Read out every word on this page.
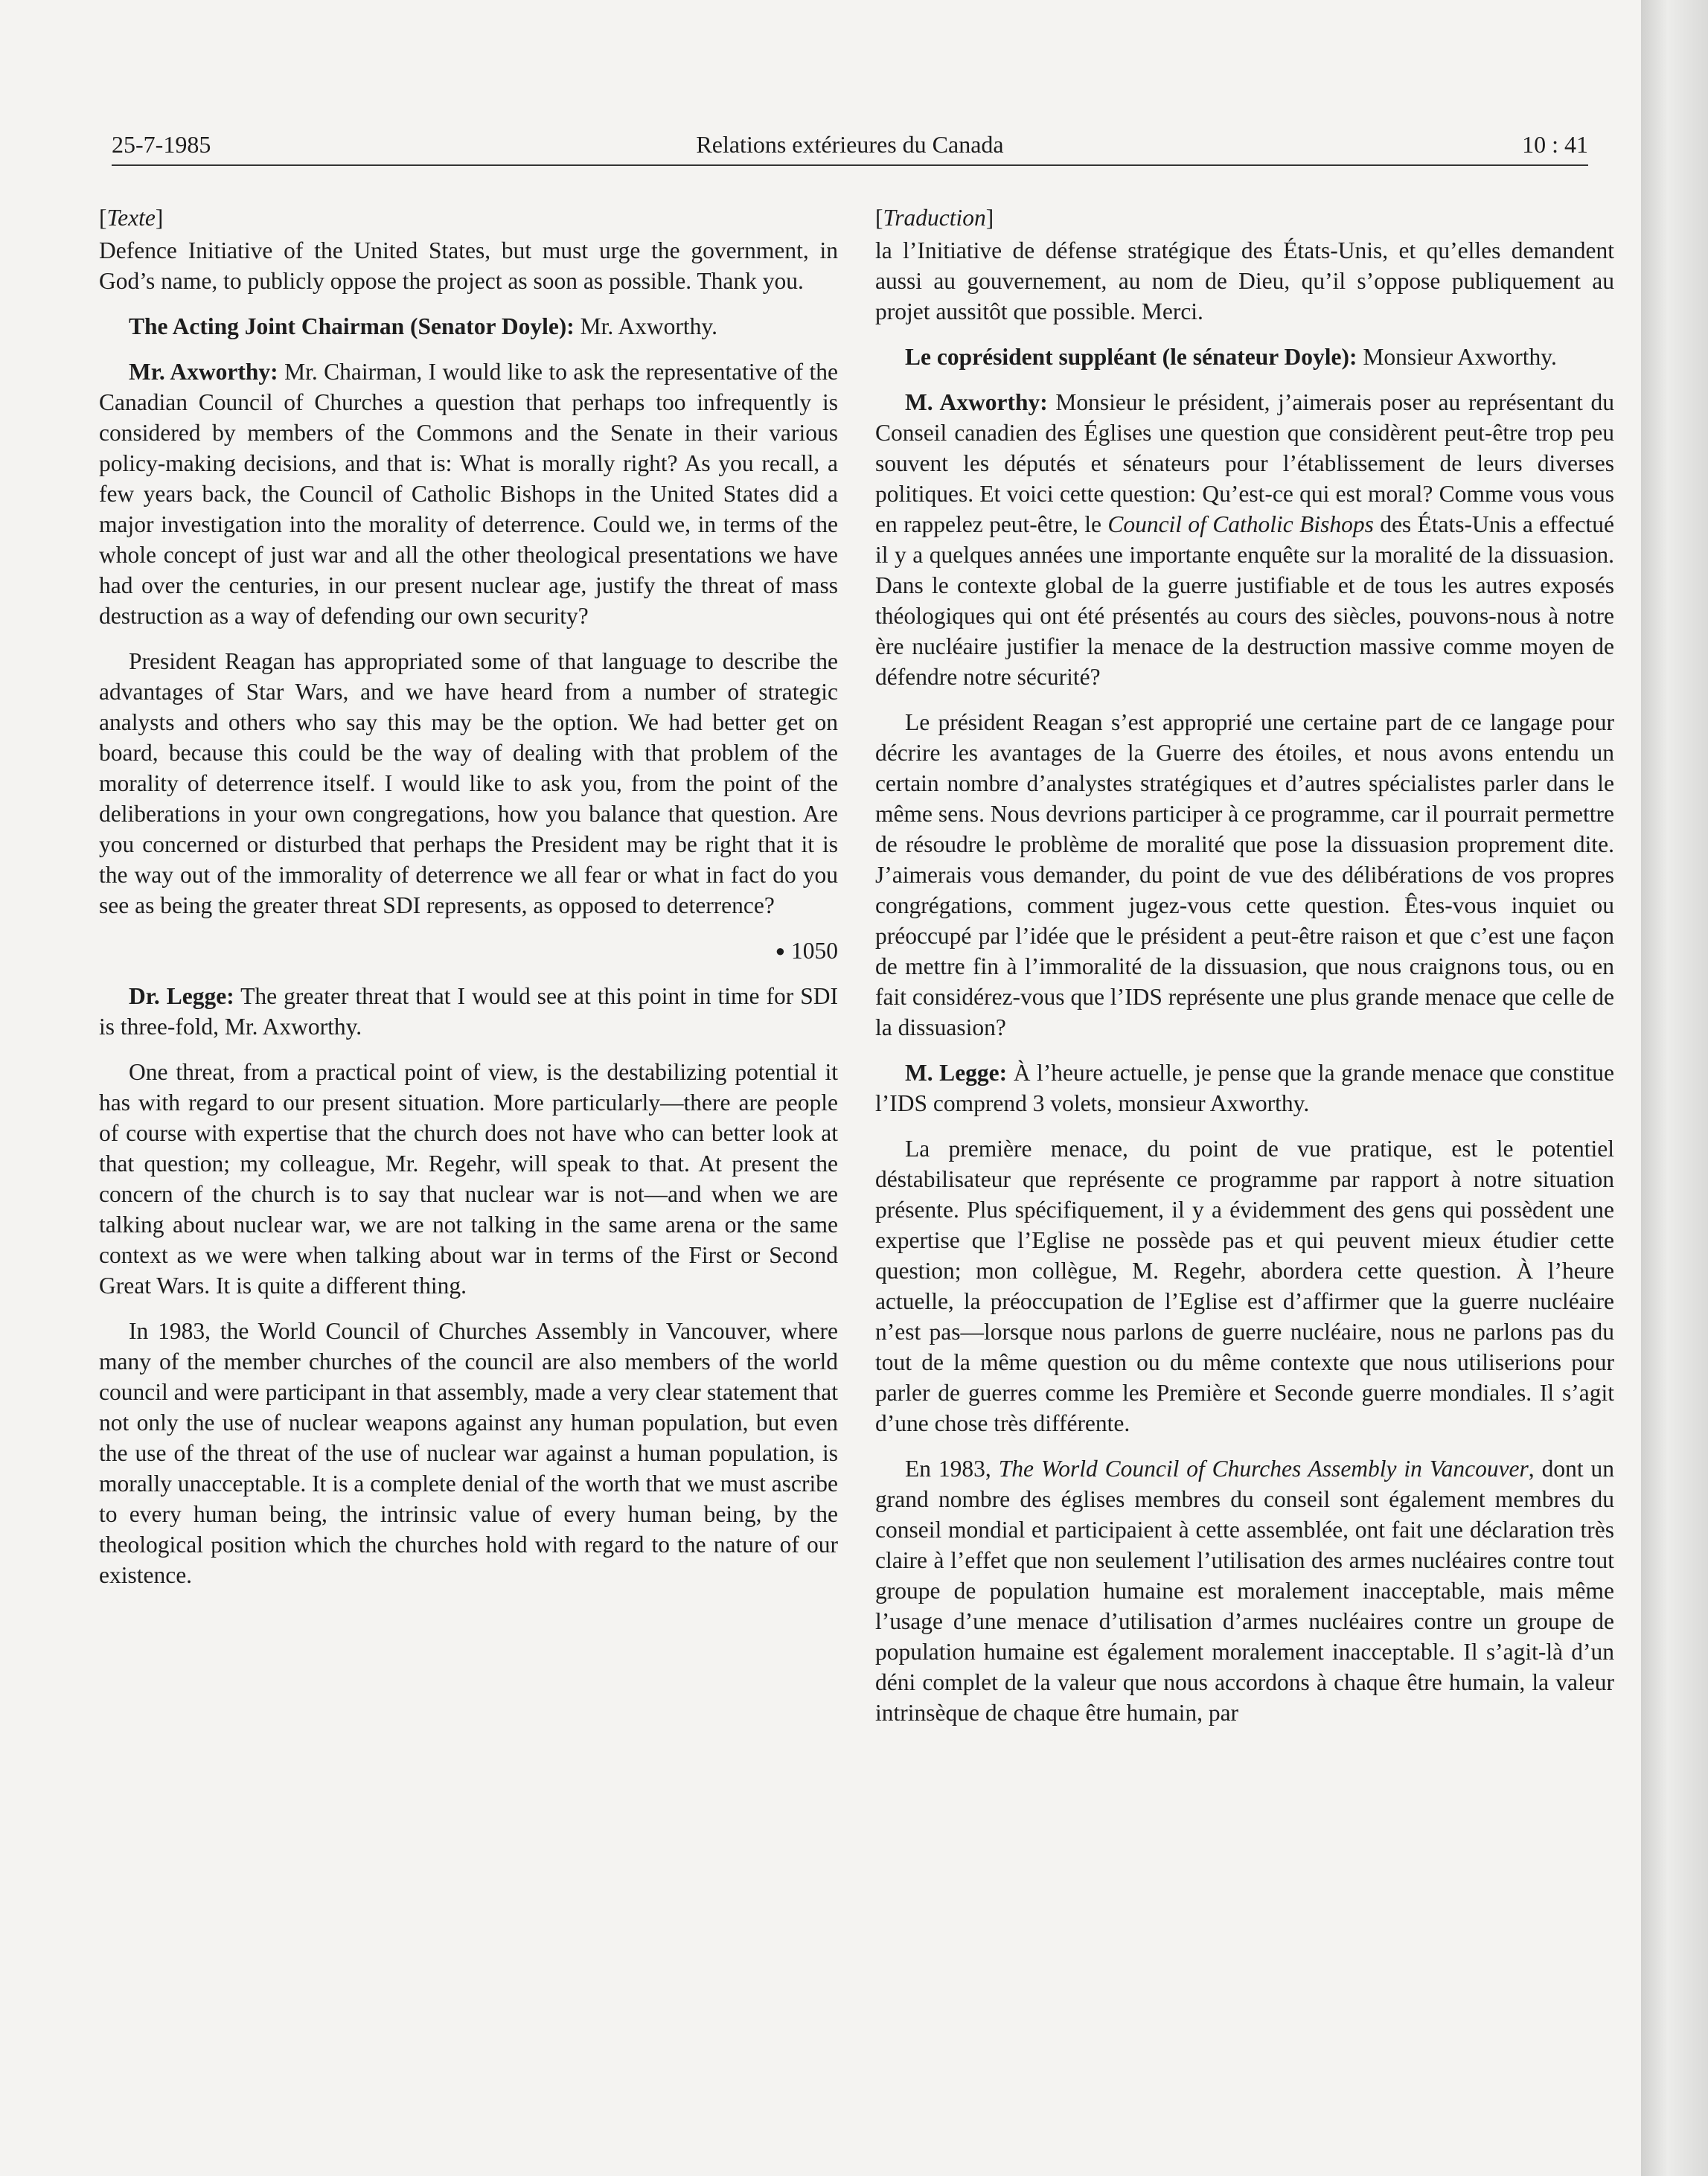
25-7-1985	Relations extérieures du Canada	10 : 41

[Texte]

Defence Initiative of the United States, but must urge the government, in God’s name, to publicly oppose the project as soon as possible. Thank you.

The Acting Joint Chairman (Senator Doyle): Mr. Axworthy.

Mr. Axworthy: Mr. Chairman, I would like to ask the representative of the Canadian Council of Churches a question that perhaps too infrequently is considered by members of the Commons and the Senate in their various policy-making decisions, and that is: What is morally right? As you recall, a few years back, the Council of Catholic Bishops in the United States did a major investigation into the morality of deterrence. Could we, in terms of the whole concept of just war and all the other theological presentations we have had over the centuries, in our present nuclear age, justify the threat of mass destruction as a way of defending our own security?

President Reagan has appropriated some of that language to describe the advantages of Star Wars, and we have heard from a number of strategic analysts and others who say this may be the option. We had better get on board, because this could be the way of dealing with that problem of the morality of deterrence itself. I would like to ask you, from the point of the deliberations in your own congregations, how you balance that question. Are you concerned or disturbed that perhaps the President may be right that it is the way out of the immorality of deterrence we all fear or what in fact do you see as being the greater threat SDI represents, as opposed to deterrence?

● 1050

Dr. Legge: The greater threat that I would see at this point in time for SDI is three-fold, Mr. Axworthy.

One threat, from a practical point of view, is the destabilizing potential it has with regard to our present situation. More particularly—there are people of course with expertise that the church does not have who can better look at that question; my colleague, Mr. Regehr, will speak to that. At present the concern of the church is to say that nuclear war is not—and when we are talking about nuclear war, we are not talking in the same arena or the same context as we were when talking about war in terms of the First or Second Great Wars. It is quite a different thing.

In 1983, the World Council of Churches Assembly in Vancouver, where many of the member churches of the council are also members of the world council and were participant in that assembly, made a very clear statement that not only the use of nuclear weapons against any human population, but even the use of the threat of the use of nuclear war against a human population, is morally unacceptable. It is a complete denial of the worth that we must ascribe to every human being, the intrinsic value of every human being, by the theological position which the churches hold with regard to the nature of our existence.

[Traduction]

la l’Initiative de défense stratégique des États-Unis, et qu’elles demandent aussi au gouvernement, au nom de Dieu, qu’il s’oppose publiquement au projet aussitôt que possible. Merci.

Le coprésident suppléant (le sénateur Doyle): Monsieur Axworthy.

M. Axworthy: Monsieur le président, j’aimerais poser au représentant du Conseil canadien des Églises une question que considèrent peut-être trop peu souvent les députés et sénateurs pour l’établissement de leurs diverses politiques. Et voici cette question: Qu’est-ce qui est moral? Comme vous vous en rappelez peut-être, le Council of Catholic Bishops des États-Unis a effectué il y a quelques années une importante enquête sur la moralité de la dissuasion. Dans le contexte global de la guerre justifiable et de tous les autres exposés théologiques qui ont été présentés au cours des siècles, pouvons-nous à notre ère nucléaire justifier la menace de la destruction massive comme moyen de défendre notre sécurité?

Le président Reagan s’est approprié une certaine part de ce langage pour décrire les avantages de la Guerre des étoiles, et nous avons entendu un certain nombre d’analystes stratégiques et d’autres spécialistes parler dans le même sens. Nous devrions participer à ce programme, car il pourrait permettre de résoudre le problème de moralité que pose la dissuasion proprement dite. J’aimerais vous demander, du point de vue des délibérations de vos propres congrégations, comment jugez-vous cette question. Êtes-vous inquiet ou préoccupé par l’idée que le président a peut-être raison et que c’est une façon de mettre fin à l’immoralité de la dissuasion, que nous craignons tous, ou en fait considérez-vous que l’IDS représente une plus grande menace que celle de la dissuasion?

M. Legge: À l’heure actuelle, je pense que la grande menace que constitue l’IDS comprend 3 volets, monsieur Axworthy.

La première menace, du point de vue pratique, est le potentiel déstabilisateur que représente ce programme par rapport à notre situation présente. Plus spécifiquement, il y a évidemment des gens qui possèdent une expertise que l’Eglise ne possède pas et qui peuvent mieux étudier cette question; mon collègue, M. Regehr, abordera cette question. À l’heure actuelle, la préoccupation de l’Eglise est d’affirmer que la guerre nucléaire n’est pas—lorsque nous parlons de guerre nucléaire, nous ne parlons pas du tout de la même question ou du même contexte que nous utiliserions pour parler de guerres comme les Première et Seconde guerre mondiales. Il s’agit d’une chose très différente.

En 1983, The World Council of Churches Assembly in Vancouver, dont un grand nombre des églises membres du conseil sont également membres du conseil mondial et participaient à cette assemblée, ont fait une déclaration très claire à l’effet que non seulement l’utilisation des armes nucléaires contre tout groupe de population humaine est moralement inacceptable, mais même l’usage d’une menace d’utilisation d’armes nucléaires contre un groupe de population humaine est également moralement inacceptable. Il s’agit-là d’un déni complet de la valeur que nous accordons à chaque être humain, la valeur intrinsèque de chaque être humain, par
